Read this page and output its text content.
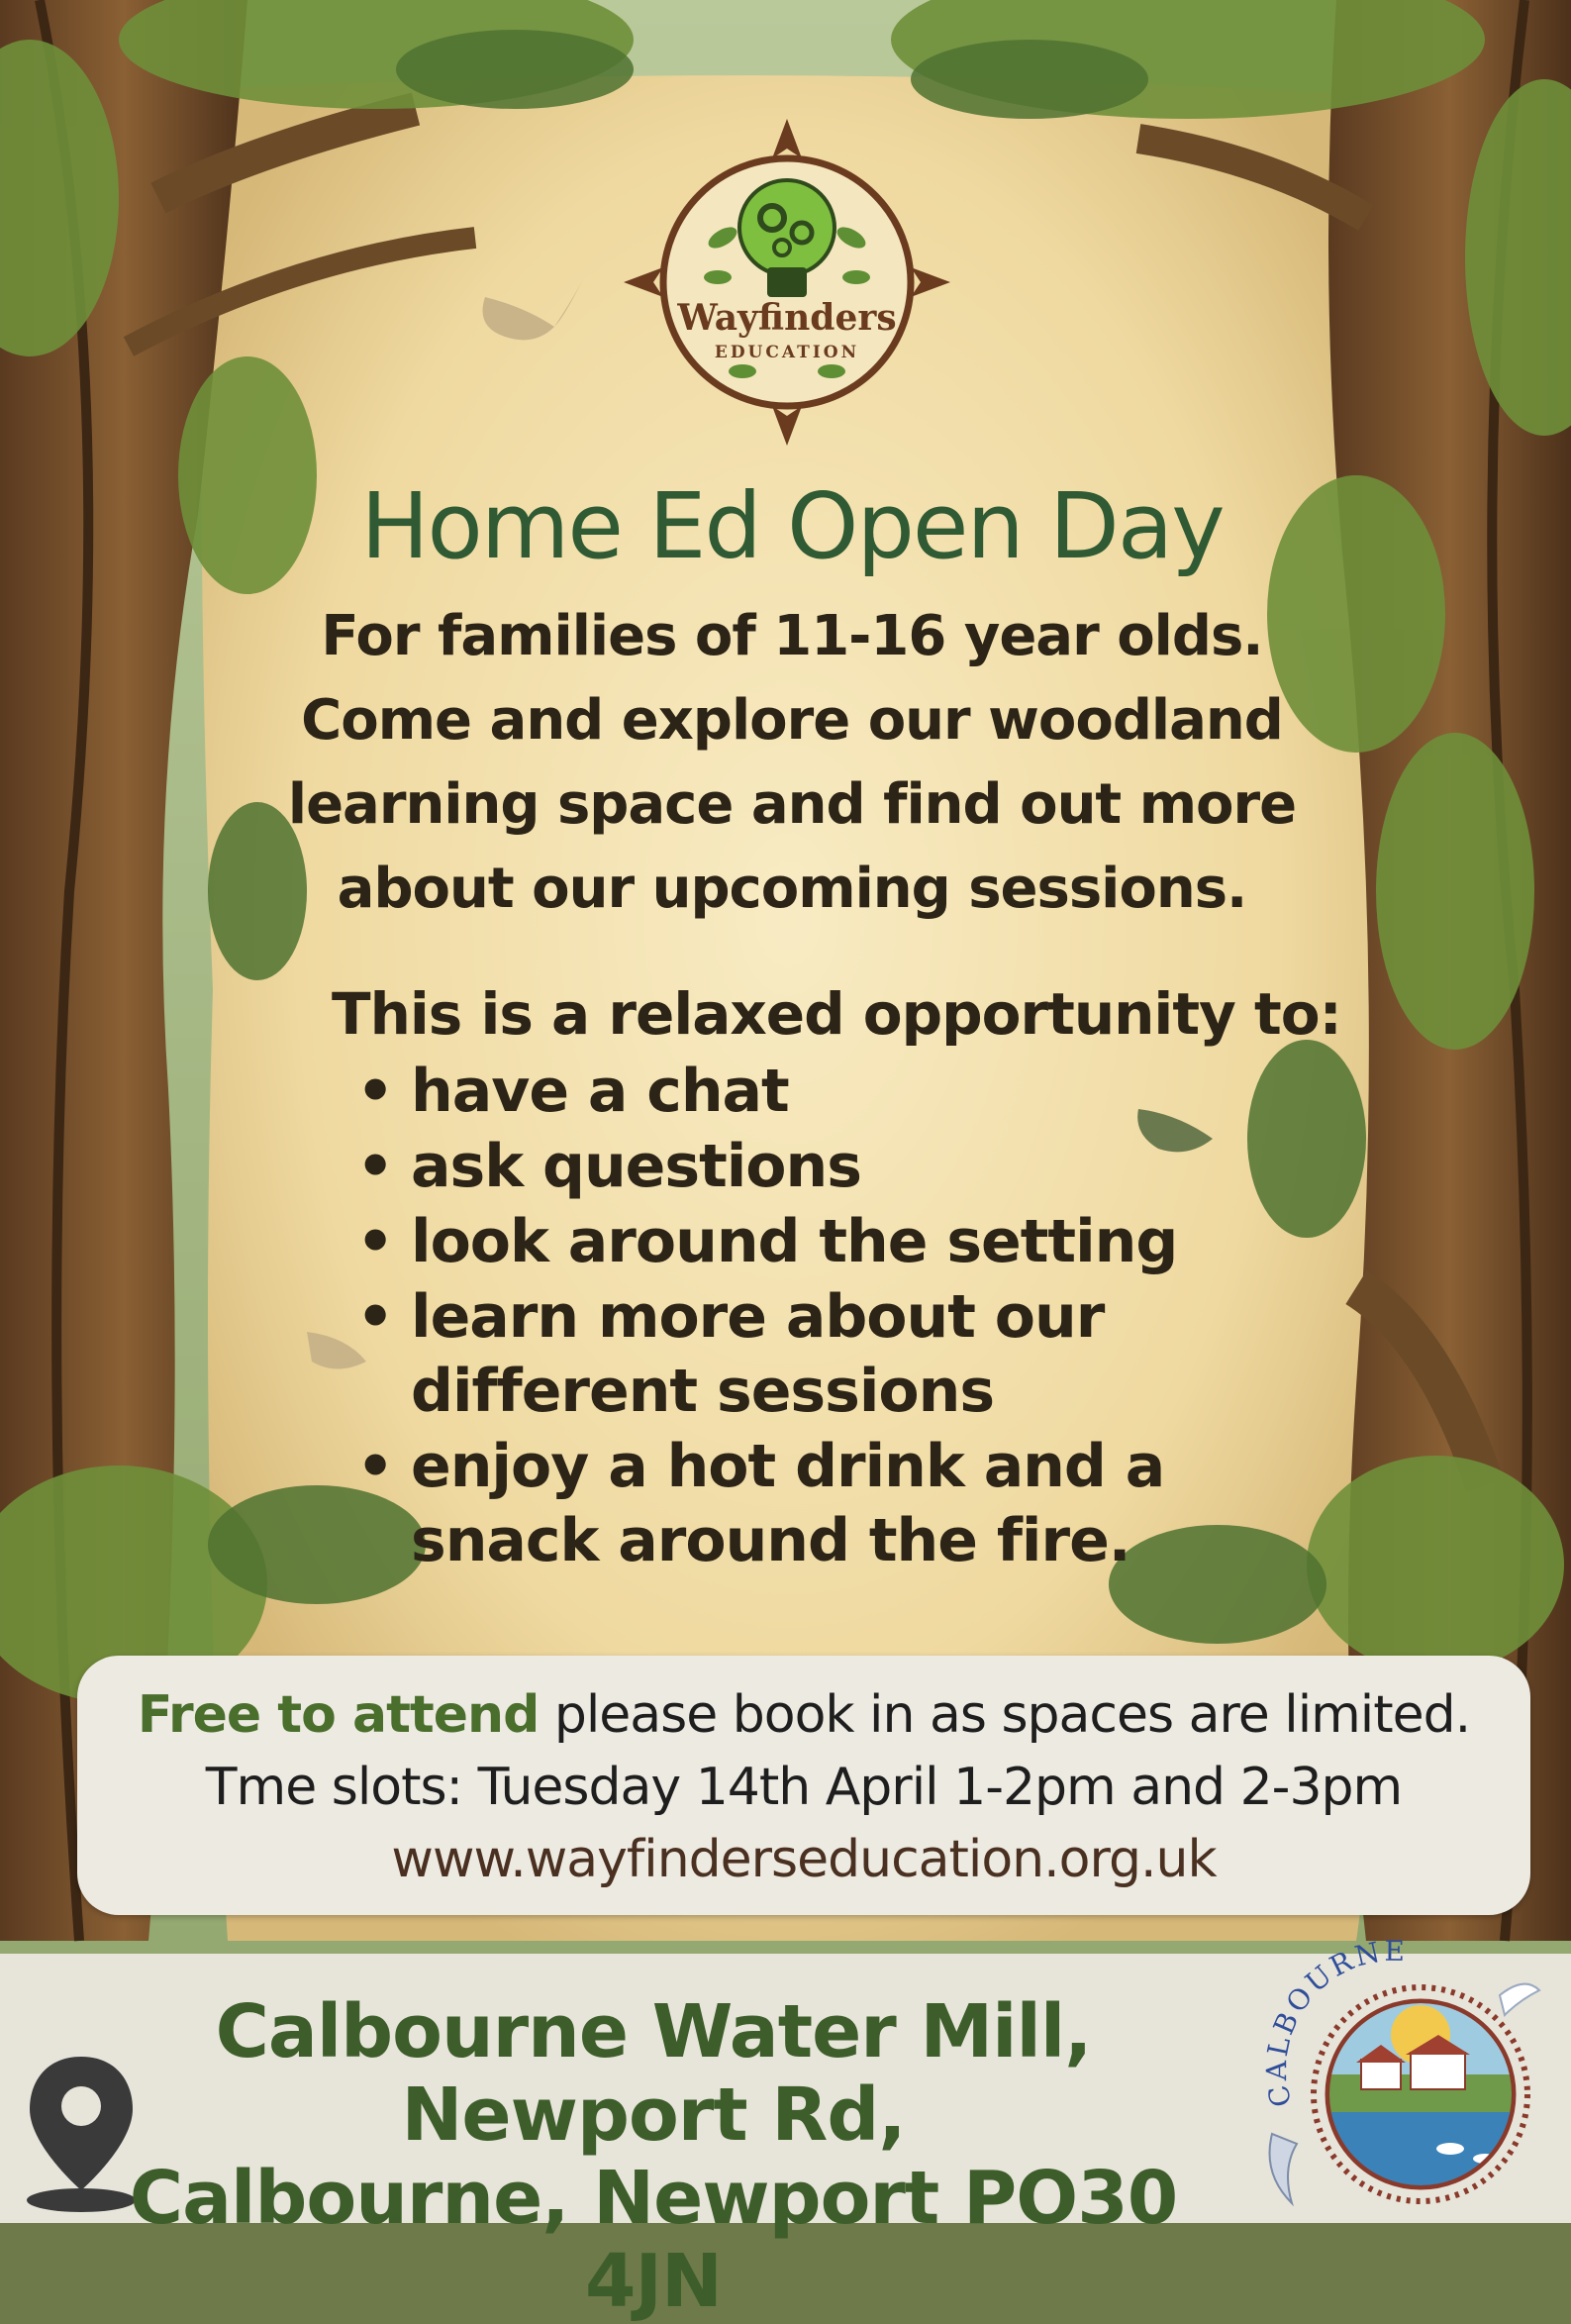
Wayfinders
EDUCATION
Home Ed Open Day

For families of 11-16 year olds.
Come and explore our woodland
learning space and find out more
about our upcoming sessions.

This is a relaxed opportunity to:

• have a chat
• ask questions
• look around the setting
• learn more about our different sessions
• enjoy a hot drink and a snack around the fire.
Free to attend please book in as spaces are limited.
Tme slots: Tuesday 14th April 1-2pm and 2-3pm
www.wayfinderseducation.org.uk

Calbourne Water Mill, Newport Rd,
Calbourne, Newport PO30 4JN

CALBOURNE
